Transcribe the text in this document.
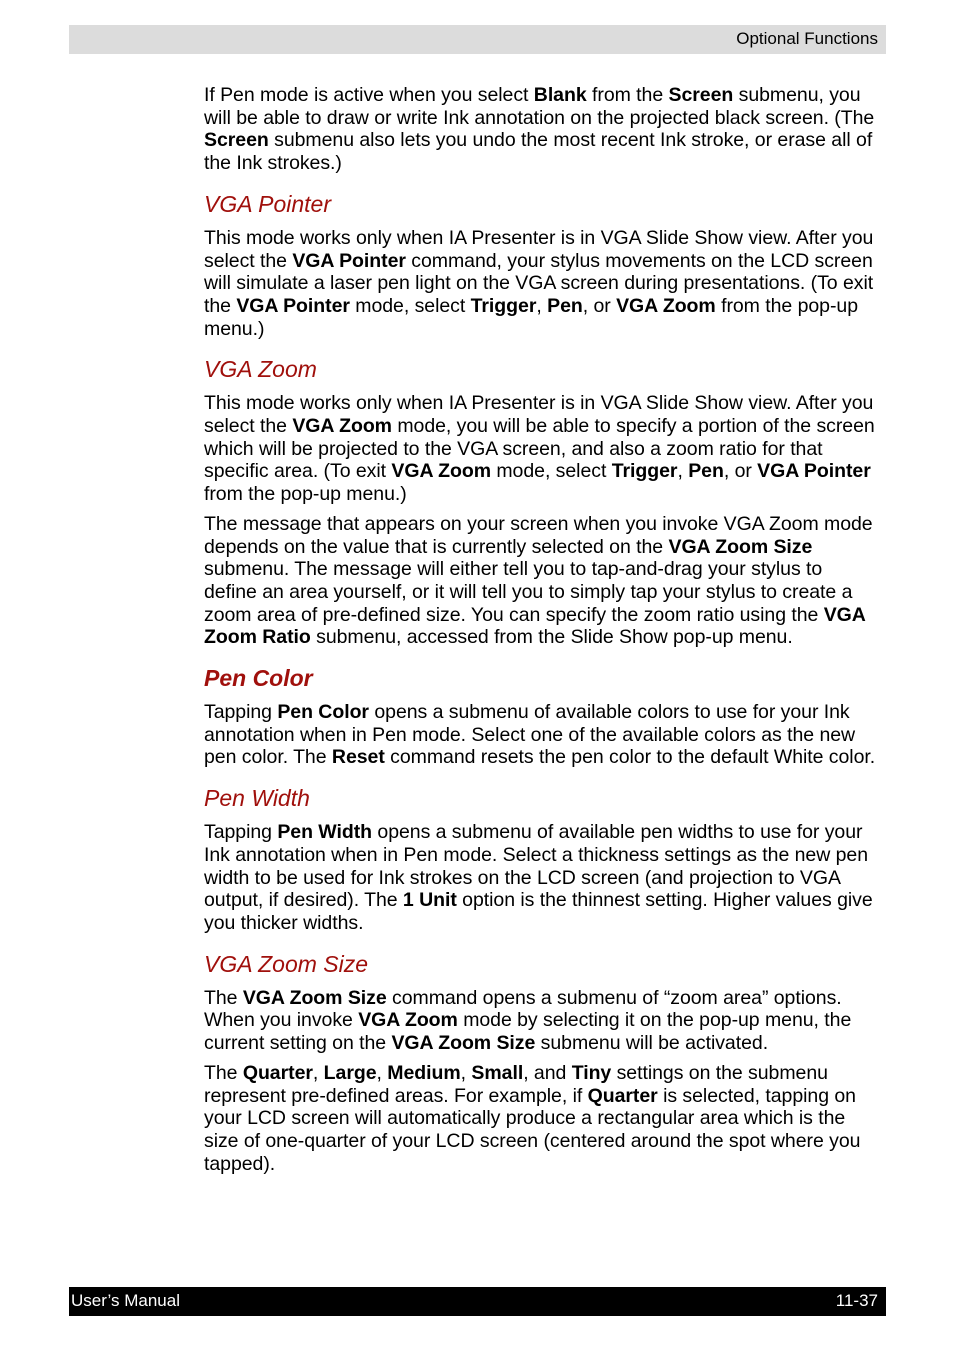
Optional Functions

If Pen mode is active when you select Blank from the Screen submenu, you will be able to draw or write Ink annotation on the projected black screen. (The Screen submenu also lets you undo the most recent Ink stroke, or erase all of the Ink strokes.)

VGA Pointer

This mode works only when IA Presenter is in VGA Slide Show view. After you select the VGA Pointer command, your stylus movements on the LCD screen will simulate a laser pen light on the VGA screen during presentations. (To exit the VGA Pointer mode, select Trigger, Pen, or VGA Zoom from the pop-up menu.)

VGA Zoom

This mode works only when IA Presenter is in VGA Slide Show view. After you select the VGA Zoom mode, you will be able to specify a portion of the screen which will be projected to the VGA screen, and also a zoom ratio for that specific area. (To exit VGA Zoom mode, select Trigger, Pen, or VGA Pointer from the pop-up menu.)

The message that appears on your screen when you invoke VGA Zoom mode depends on the value that is currently selected on the VGA Zoom Size submenu. The message will either tell you to tap-and-drag your stylus to define an area yourself, or it will tell you to simply tap your stylus to create a zoom area of pre-defined size. You can specify the zoom ratio using the VGA Zoom Ratio submenu, accessed from the Slide Show pop-up menu.

Pen Color

Tapping Pen Color opens a submenu of available colors to use for your Ink annotation when in Pen mode. Select one of the available colors as the new pen color. The Reset command resets the pen color to the default White color.

Pen Width

Tapping Pen Width opens a submenu of available pen widths to use for your Ink annotation when in Pen mode. Select a thickness settings as the new pen width to be used for Ink strokes on the LCD screen (and projection to VGA output, if desired). The 1 Unit option is the thinnest setting. Higher values give you thicker widths.

VGA Zoom Size

The VGA Zoom Size command opens a submenu of “zoom area” options. When you invoke VGA Zoom mode by selecting it on the pop-up menu, the current setting on the VGA Zoom Size submenu will be activated.

The Quarter, Large, Medium, Small, and Tiny settings on the submenu represent pre-defined areas. For example, if Quarter is selected, tapping on your LCD screen will automatically produce a rectangular area which is the size of one-quarter of your LCD screen (centered around the spot where you tapped).

User’s Manual	11-37
